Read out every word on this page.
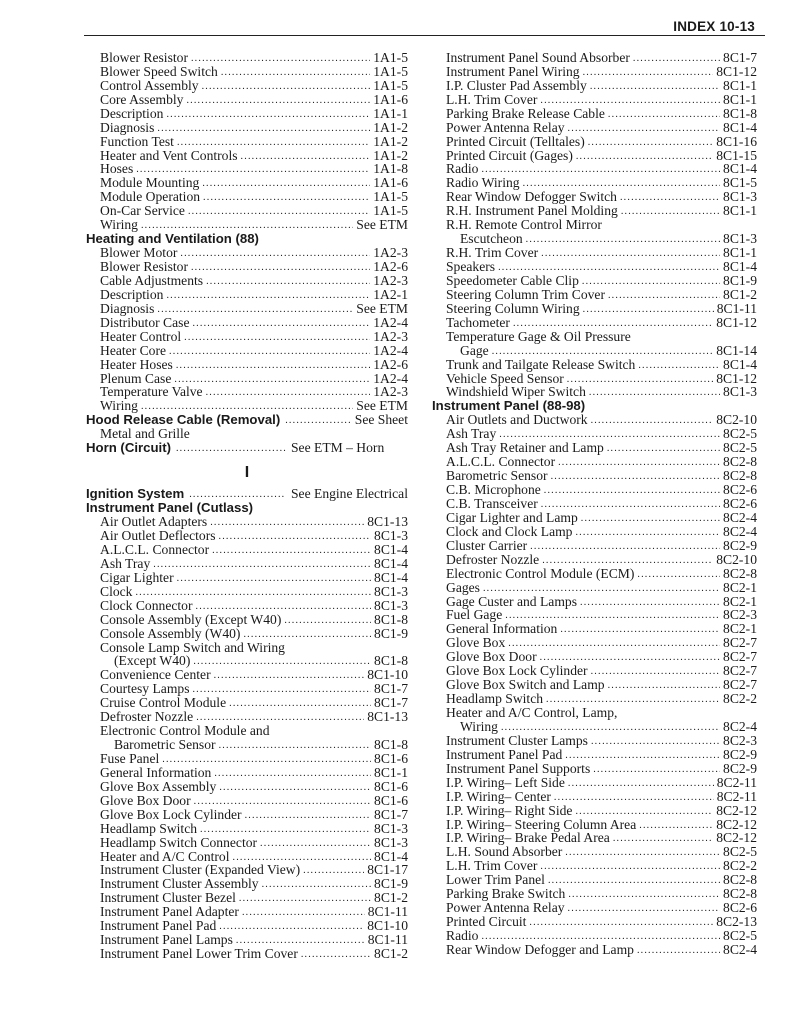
INDEX 10-13
Blower Resistor .....	1A1-5
Blower Speed Switch .....	1A1-5
Control Assembly .....	1A1-5
Core Assembly .....	1A1-6
Description .....	1A1-1
Diagnosis .....	1A1-2
Function Test .....	1A1-2
Heater and Vent Controls .....	1A1-2
Hoses .....	1A1-8
Module Mounting .....	1A1-6
Module Operation .....	1A1-5
On-Car Service .....	1A1-5
Wiring .....	See ETM
Heating and Ventilation (88)
Blower Motor .....	1A2-3
Blower Resistor .....	1A2-6
Cable Adjustments .....	1A2-3
Description .....	1A2-1
Diagnosis .....	See ETM
Distributor Case .....	1A2-4
Heater Control .....	1A2-3
Heater Core .....	1A2-4
Heater Hoses .....	1A2-6
Plenum Case .....	1A2-4
Temperature Valve .....	1A2-3
Wiring .....	See ETM
Hood Release Cable (Removal) .....	See Sheet
Metal and Grille
Horn (Circuit) .....	See ETM – Horn
I
Ignition System .....	See Engine Electrical
Instrument Panel (Cutlass)
Air Outlet Adapters .....	8C1-13
Air Outlet Deflectors .....	8C1-3
A.L.C.L. Connector .....	8C1-4
Ash Tray .....	8C1-4
Cigar Lighter .....	8C1-4
Clock .....	8C1-3
Clock Connector .....	8C1-3
Console Assembly (Except W40) .....	8C1-8
Console Assembly (W40) .....	8C1-9
Console Lamp Switch and Wiring
(Except W40) .....	8C1-8
Convenience Center .....	8C1-10
Courtesy Lamps .....	8C1-7
Cruise Control Module .....	8C1-7
Defroster Nozzle .....	8C1-13
Electronic Control Module and
Barometric Sensor .....	8C1-8
Fuse Panel .....	8C1-6
General Information .....	8C1-1
Glove Box Assembly .....	8C1-6
Glove Box Door .....	8C1-6
Glove Box Lock Cylinder .....	8C1-7
Headlamp Switch .....	8C1-3
Headlamp Switch Connector .....	8C1-3
Heater and A/C Control .....	8C1-4
Instrument Cluster (Expanded View) .....	8C1-17
Instrument Cluster Assembly .....	8C1-9
Instrument Cluster Bezel .....	8C1-2
Instrument Panel Adapter .....	8C1-11
Instrument Panel Pad .....	8C1-10
Instrument Panel Lamps .....	8C1-11
Instrument Panel Lower Trim Cover .....	8C1-2
Instrument Panel Sound Absorber .....	8C1-7
Instrument Panel Wiring .....	8C1-12
I.P. Cluster Pad Assembly .....	8C1-1
L.H. Trim Cover .....	8C1-1
Parking Brake Release Cable .....	8C1-8
Power Antenna Relay .....	8C1-4
Printed Circuit (Telltales) .....	8C1-16
Printed Circuit (Gages) .....	8C1-15
Radio .....	8C1-4
Radio Wiring .....	8C1-5
Rear Window Defogger Switch .....	8C1-3
R.H. Instrument Panel Molding .....	8C1-1
R.H. Remote Control Mirror
Escutcheon .....	8C1-3
R.H. Trim Cover .....	8C1-1
Speakers .....	8C1-4
Speedometer Cable Clip .....	8C1-9
Steering Column Trim Cover .....	8C1-2
Steering Column Wiring .....	8C1-11
Tachometer .....	8C1-12
Temperature Gage & Oil Pressure
Gage .....	8C1-14
Trunk and Tailgate Release Switch .....	8C1-4
Vehicle Speed Sensor .....	8C1-12
Windshield Wiper Switch .....	8C1-3
Instrument Panel (88-98)
Air Outlets and Ductwork .....	8C2-10
Ash Tray .....	8C2-5
Ash Tray Retainer and Lamp .....	8C2-5
A.L.C.L. Connector .....	8C2-8
Barometric Sensor .....	8C2-8
C.B. Microphone .....	8C2-6
C.B. Transceiver .....	8C2-6
Cigar Lighter and Lamp .....	8C2-4
Clock and Clock Lamp .....	8C2-4
Cluster Carrier .....	8C2-9
Defroster Nozzle .....	8C2-10
Electronic Control Module (ECM) .....	8C2-8
Gages .....	8C2-1
Gage Custer and Lamps .....	8C2-1
Fuel Gage .....	8C2-3
General Information .....	8C2-1
Glove Box .....	8C2-7
Glove Box Door .....	8C2-7
Glove Box Lock Cylinder .....	8C2-7
Glove Box Switch and Lamp .....	8C2-7
Headlamp Switch .....	8C2-2
Heater and A/C Control, Lamp,
Wiring .....	8C2-4
Instrument Cluster Lamps .....	8C2-3
Instrument Panel Pad .....	8C2-9
Instrument Panel Supports .....	8C2-9
I.P. Wiring– Left Side .....	8C2-11
I.P. Wiring– Center .....	8C2-11
I.P. Wiring– Right Side .....	8C2-12
I.P. Wiring– Steering Column Area .....	8C2-12
I.P. Wiring– Brake Pedal Area .....	8C2-12
L.H. Sound Absorber .....	8C2-5
L.H. Trim Cover .....	8C2-2
Lower Trim Panel .....	8C2-8
Parking Brake Switch .....	8C2-8
Power Antenna Relay .....	8C2-6
Printed Circuit .....	8C2-13
Radio .....	8C2-5
Rear Window Defogger and Lamp .....	8C2-4
